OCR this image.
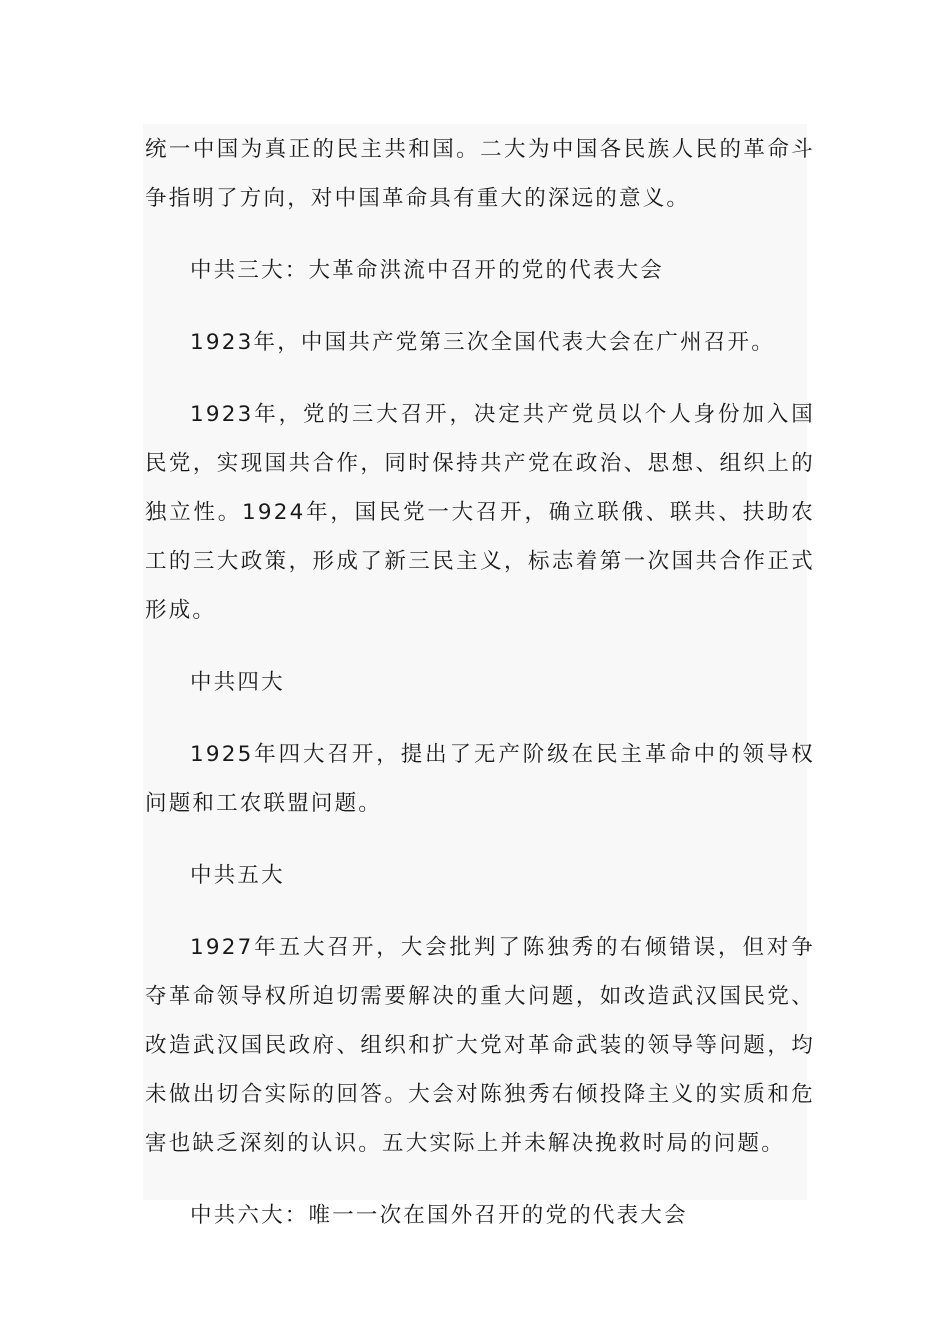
统一中国为真正的民主共和国。二大为中国各民族人民的革命斗争指明了方向，对中国革命具有重大的深远的意义。

中共三大：大革命洪流中召开的党的代表大会

1923年，中国共产党第三次全国代表大会在广州召开。

1923年，党的三大召开，决定共产党员以个人身份加入国民党，实现国共合作，同时保持共产党在政治、思想、组织上的独立性。1924年，国民党一大召开，确立联俄、联共、扶助农工的三大政策，形成了新三民主义，标志着第一次国共合作正式形成。

中共四大

1925年四大召开，提出了无产阶级在民主革命中的领导权问题和工农联盟问题。

中共五大

1927年五大召开，大会批判了陈独秀的右倾错误，但对争夺革命领导权所迫切需要解决的重大问题，如改造武汉国民党、改造武汉国民政府、组织和扩大党对革命武装的领导等问题，均未做出切合实际的回答。大会对陈独秀右倾投降主义的实质和危害也缺乏深刻的认识。五大实际上并未解决挽救时局的问题。

中共六大：唯一一次在国外召开的党的代表大会
